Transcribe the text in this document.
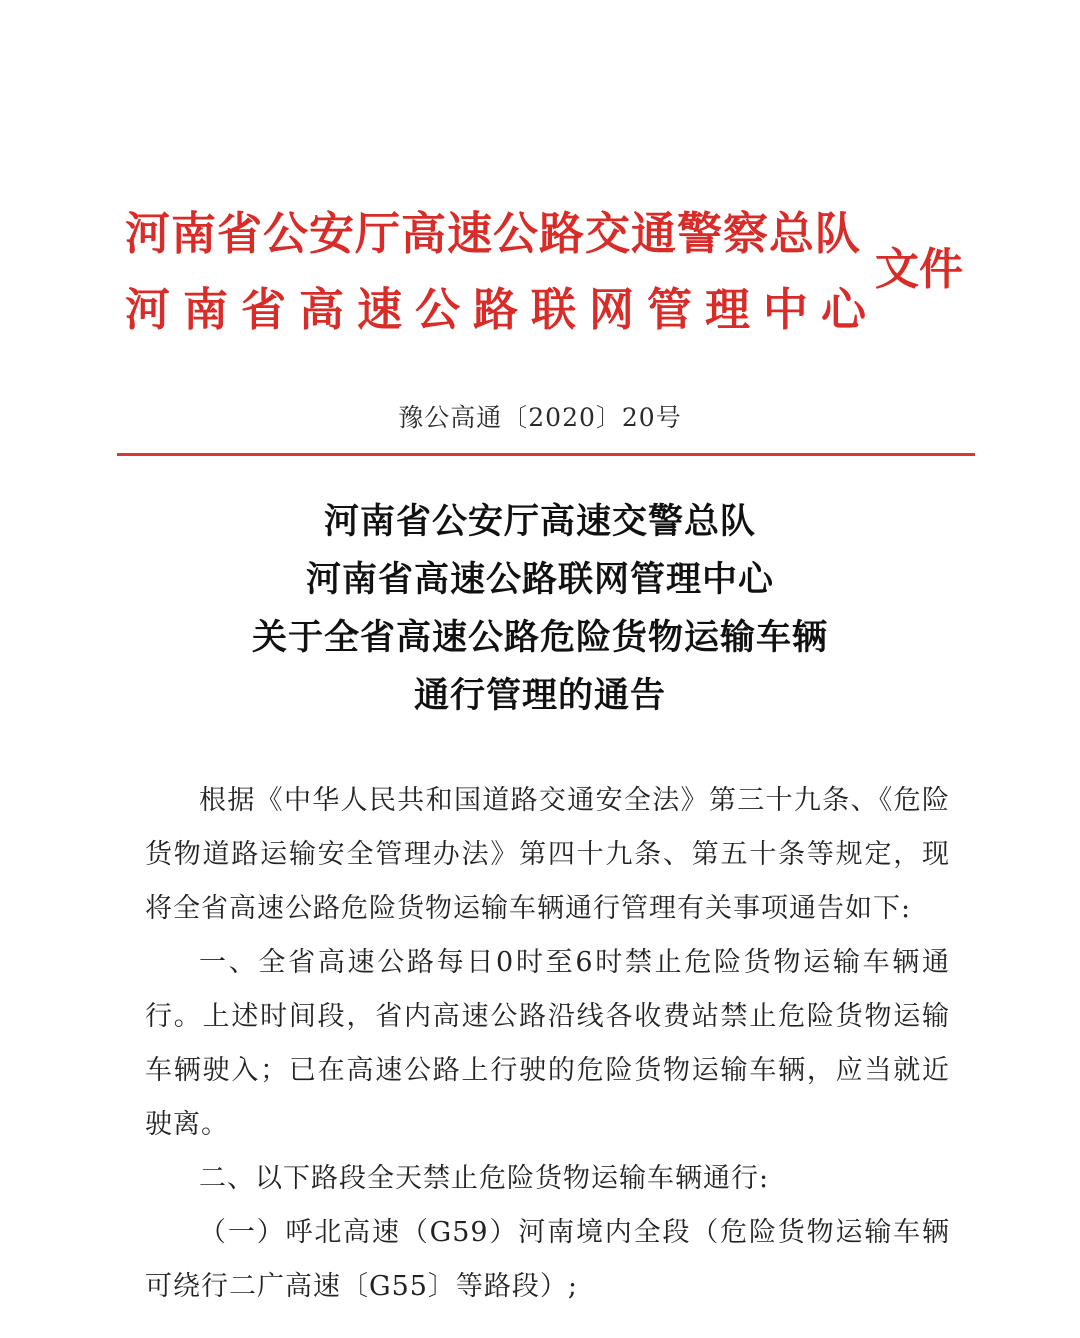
河南省公安厅高速公路交通警察总队
河南省高速公路联网管理中心
文件
豫公高通〔2020〕20号
河南省公安厅高速交警总队
河南省高速公路联网管理中心
关于全省高速公路危险货物运输车辆
通行管理的通告

根据《中华人民共和国道路交通安全法》第三十九条、《危险货物道路运输安全管理办法》第四十九条、第五十条等规定，现将全省高速公路危险货物运输车辆通行管理有关事项通告如下:

一、全省高速公路每日0时至6时禁止危险货物运输车辆通行。上述时间段，省内高速公路沿线各收费站禁止危险货物运输车辆驶入；已在高速公路上行驶的危险货物运输车辆，应当就近驶离。

二、以下路段全天禁止危险货物运输车辆通行:

（一）呼北高速（G59）河南境内全段（危险货物运输车辆可绕行二广高速〔G55〕等路段）;
